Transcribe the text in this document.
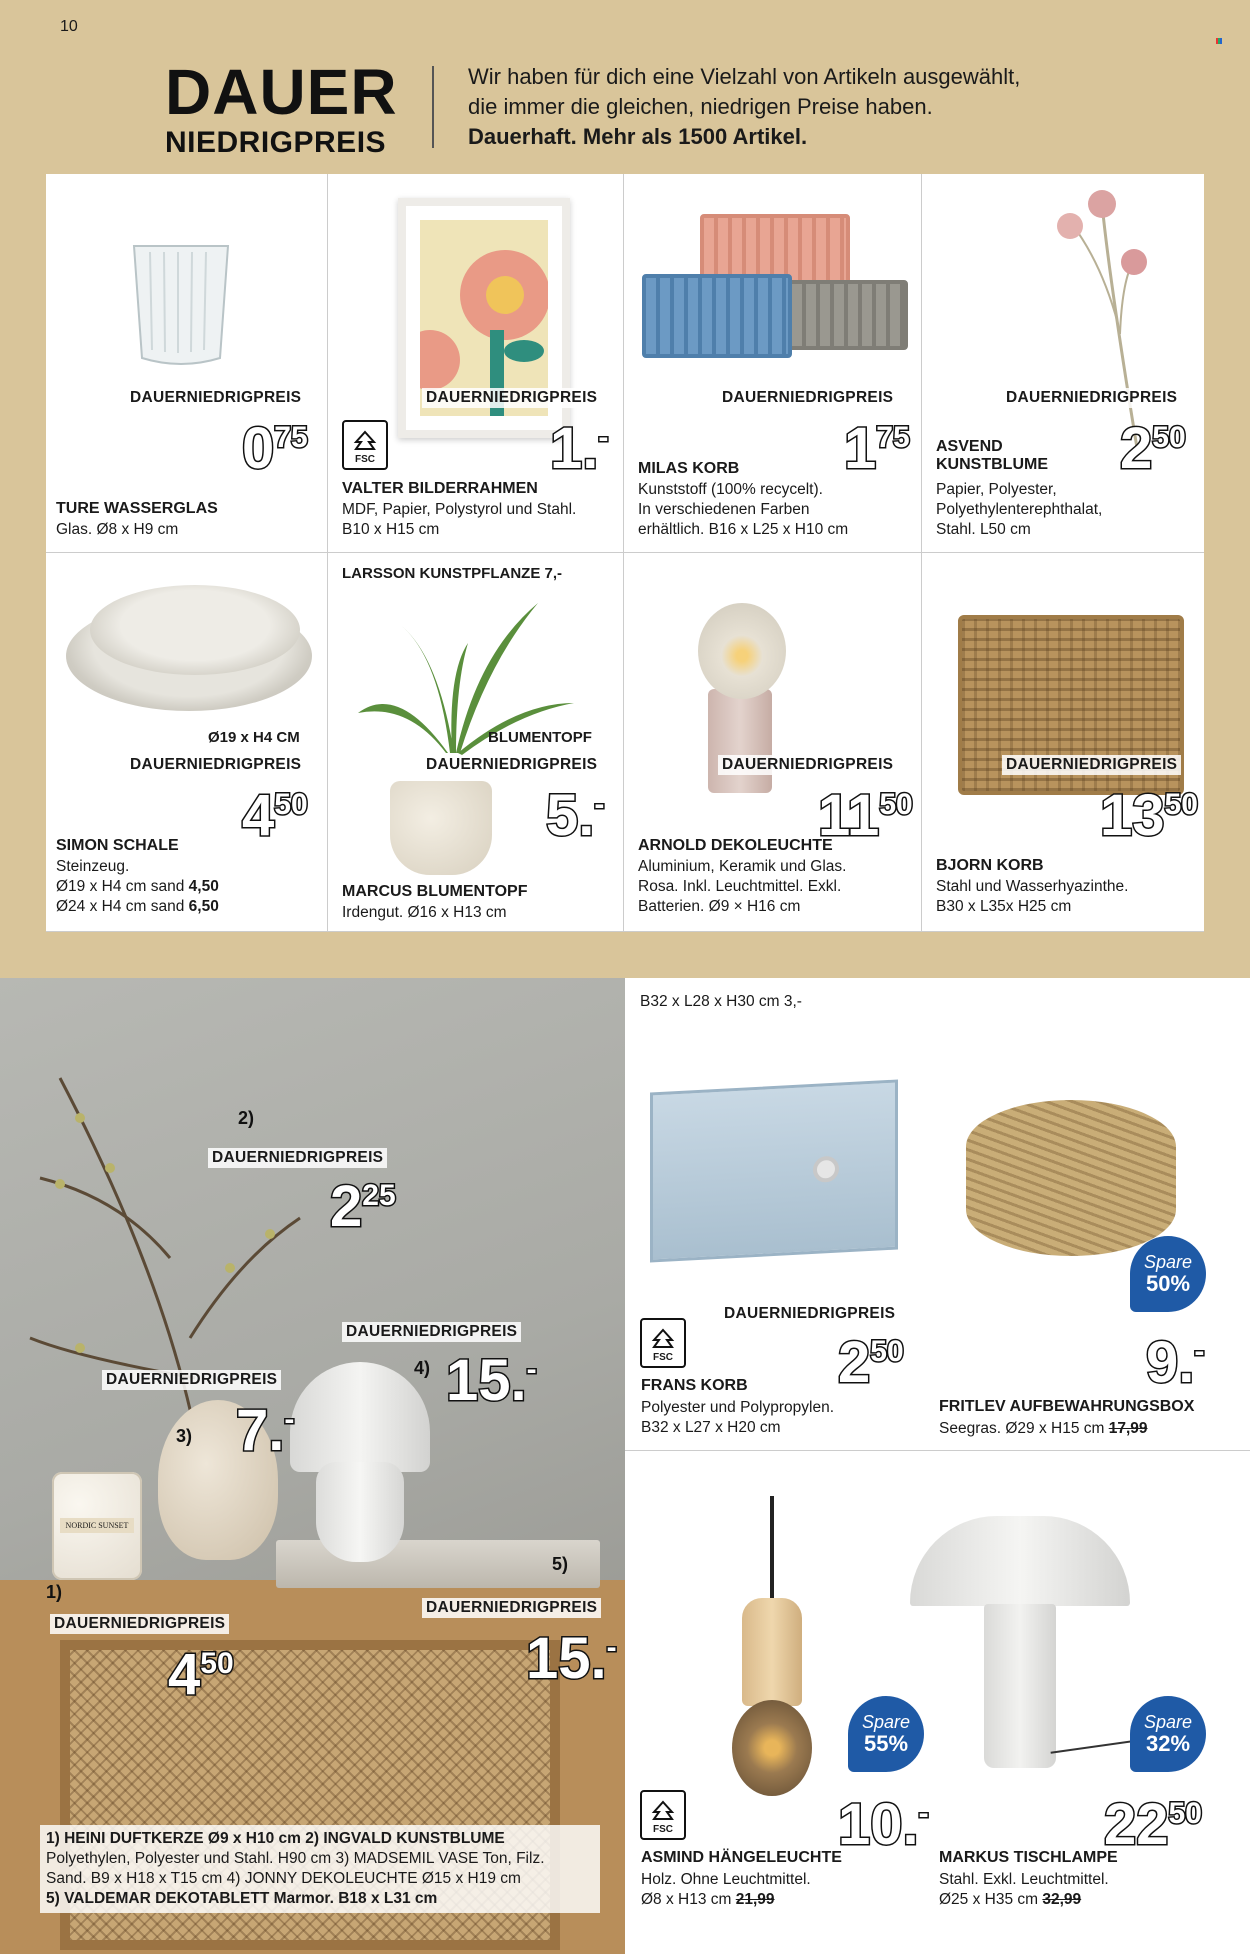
10
DAUER
NIEDRIGPREIS
Wir haben für dich eine Vielzahl von Artikeln ausgewählt,
die immer die gleichen, niedrigen Preise haben.
Dauerhaft. Mehr als 1500 Artikel.
DAUERNIEDRIGPREIS
075
TURE WASSERGLAS
Glas. Ø8 x H9 cm
FSC
DAUERNIEDRIGPREIS
1.-
VALTER BILDERRAHMEN
MDF, Papier, Polystyrol und Stahl.
B10 x H15 cm
DAUERNIEDRIGPREIS
175
MILAS KORB
Kunststoff (100% recycelt).
In verschiedenen Farben
erhältlich. B16 x L25 x H10 cm
DAUERNIEDRIGPREIS
250
ASVEND
KUNSTBLUME
Papier, Polyester,
Polyethylenterephthalat,
Stahl. L50 cm
Ø19 x H4 CM
DAUERNIEDRIGPREIS
450
SIMON SCHALE
Steinzeug.
Ø19 x H4 cm sand 4,50
Ø24 x H4 cm sand 6,50
LARSSON KUNSTPFLANZE 7,-
BLUMENTOPF
DAUERNIEDRIGPREIS
5.-
MARCUS BLUMENTOPF
Irdengut. Ø16 x H13 cm
DAUERNIEDRIGPREIS
1150
ARNOLD DEKOLEUCHTE
Aluminium, Keramik und Glas.
Rosa. Inkl. Leuchtmittel. Exkl.
Batterien. Ø9 × H16 cm
DAUERNIEDRIGPREIS
1350
BJORN KORB
Stahl und Wasserhyazinthe.
B30 x L35x H25 cm
NORDIC SUNSET
2)
DAUERNIEDRIGPREIS
225
DAUERNIEDRIGPREIS
4) 15.-
DAUERNIEDRIGPREIS
3) 7.-
5)
1)
DAUERNIEDRIGPREIS
450
DAUERNIEDRIGPREIS
15.-
1) HEINI DUFTKERZE Ø9 x H10 cm 2) INGVALD KUNSTBLUME
Polyethylen, Polyester und Stahl. H90 cm 3) MADSEMIL VASE Ton, Filz.
Sand. B9 x H18 x T15 cm 4) JONNY DEKOLEUCHTE Ø15 x H19 cm
5) VALDEMAR DEKOTABLETT Marmor. B18 x L31 cm
B32 x L28 x H30 cm 3,-
FSC
DAUERNIEDRIGPREIS
250
FRANS KORB
Polyester und Polypropylen.
B32 x L27 x H20 cm
Spare
50%
9.-
FRITLEV AUFBEWAHRUNGSBOX
Seegras. Ø29 x H15 cm 17,99
Spare
55%
FSC	10.-
ASMIND HÄNGELEUCHTE
Holz. Ohne Leuchtmittel.
Ø8 x H13 cm 21,99
Spare
32%
2250
MARKUS TISCHLAMPE
Stahl. Exkl. Leuchtmittel.
Ø25 x H35 cm 32,99
